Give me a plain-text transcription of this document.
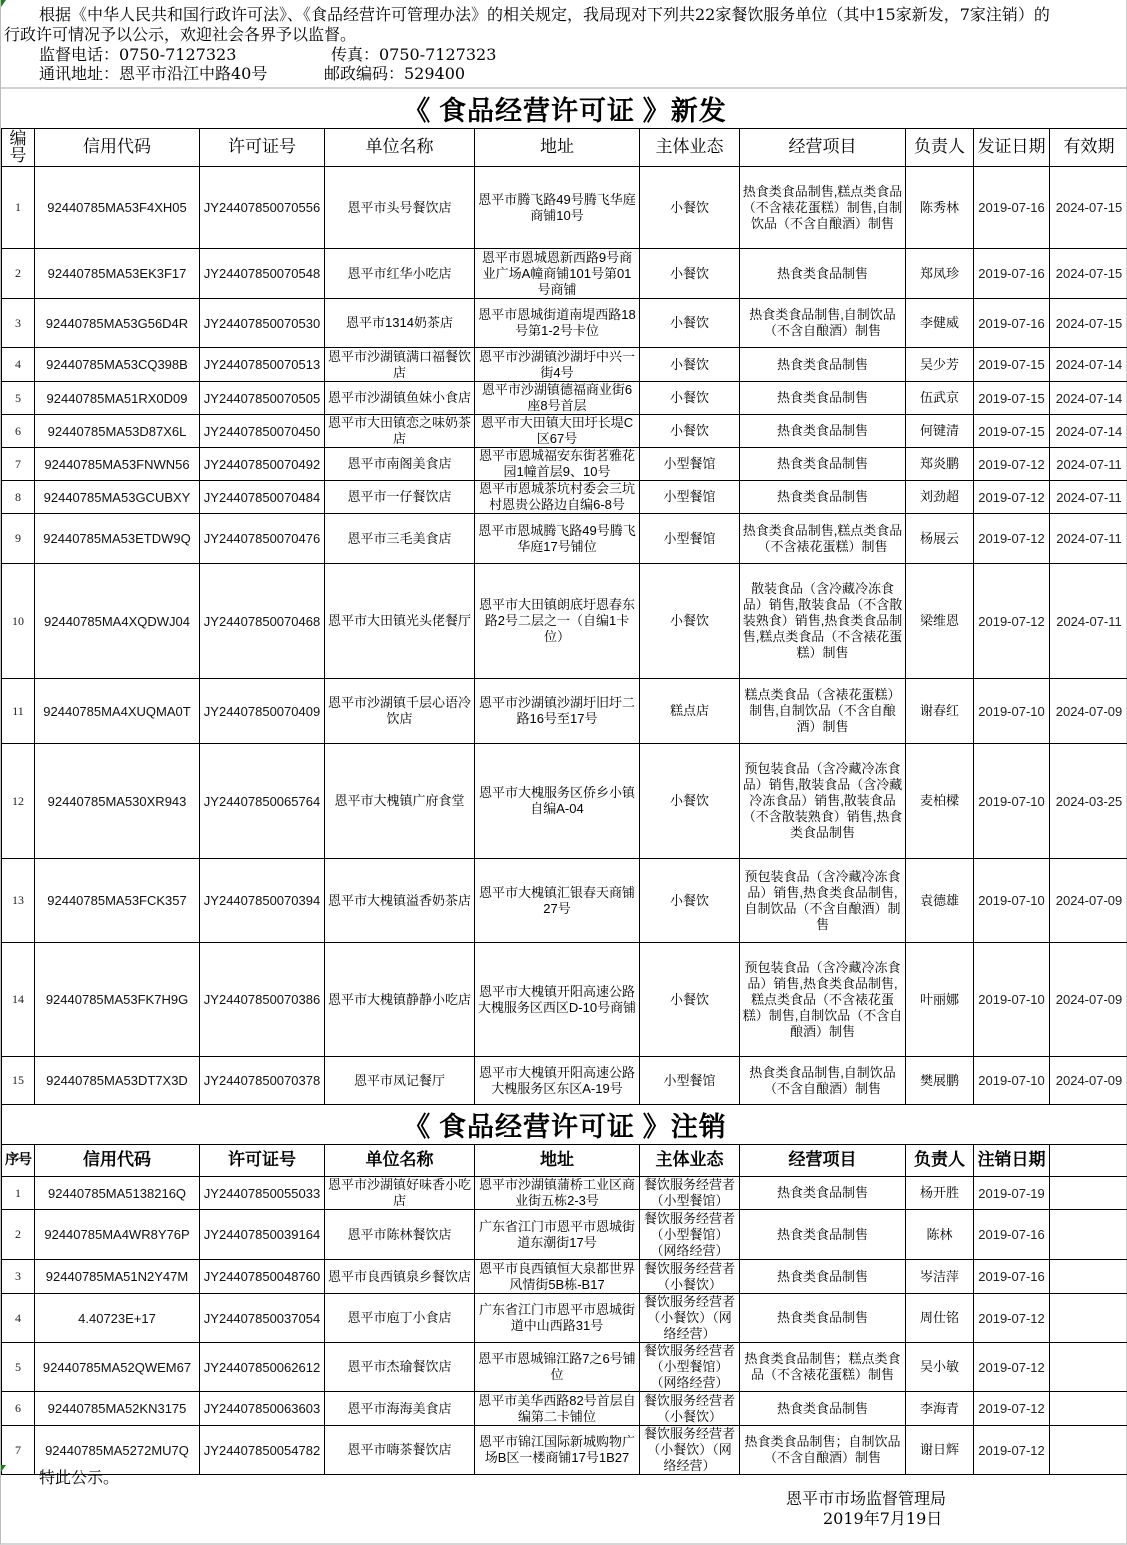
根据《中华人民共和国行政许可法》、《食品经营许可管理办法》的相关规定，我局现对下列共22家餐饮服务单位（其中15家新发，7家注销）的
行政许可情况予以公示，欢迎社会各界予以监督。
监督电话：0750-7127323	传真：0750-7127323
通讯地址：恩平市沿江中路40号	邮政编码：529400
《 食品经营许可证 》新发									
编号	信用代码	许可证号	单位名称	地址	主体业态	经营项目	负责人	发证日期	有效期
1	92440785MA53F4XH05	JY24407850070556	恩平市头号餐饮店	恩平市腾飞路49号腾飞华庭商铺10号	小餐饮	热食类食品制售,糕点类食品（不含裱花蛋糕）制售,自制饮品（不含自酿酒）制售	陈秀林	2019-07-16	2024-07-15
2	92440785MA53EK3F17	JY24407850070548	恩平市红华小吃店	恩平市恩城恩新西路9号商业广场A幢商铺101号第01号商铺	小餐饮	热食类食品制售	郑凤珍	2019-07-16	2024-07-15
3	92440785MA53G56D4R	JY24407850070530	恩平市1314奶茶店	恩平市恩城街道南堤西路18号第1-2号卡位	小餐饮	热食类食品制售,自制饮品（不含自酿酒）制售	李健威	2019-07-16	2024-07-15
4	92440785MA53CQ398B	JY24407850070513	恩平市沙湖镇满口福餐饮店	恩平市沙湖镇沙湖圩中兴一街4号	小餐饮	热食类食品制售	吴少芳	2019-07-15	2024-07-14
5	92440785MA51RX0D09	JY24407850070505	恩平市沙湖镇鱼妹小食店	恩平市沙湖镇德福商业街6座8号首层	小餐饮	热食类食品制售	伍武京	2019-07-15	2024-07-14
6	92440785MA53D87X6L	JY24407850070450	恩平市大田镇恋之味奶茶店	恩平市大田镇大田圩长堤C区67号	小餐饮	热食类食品制售	何键清	2019-07-15	2024-07-14
7	92440785MA53FNWN56	JY24407850070492	恩平市南阁美食店	恩平市恩城福安东街茗雅花园1幢首层9、10号	小型餐馆	热食类食品制售	郑炎鹏	2019-07-12	2024-07-11
8	92440785MA53GCUBXY	JY24407850070484	恩平市一仔餐饮店	恩平市恩城茶坑村委会三坑村恩贵公路边自编6-8号	小型餐馆	热食类食品制售	刘劲超	2019-07-12	2024-07-11
9	92440785MA53ETDW9Q	JY24407850070476	恩平市三毛美食店	恩平市恩城腾飞路49号腾飞华庭17号铺位	小型餐馆	热食类食品制售,糕点类食品（不含裱花蛋糕）制售	杨展云	2019-07-12	2024-07-11
10	92440785MA4XQDWJ04	JY24407850070468	恩平市大田镇光头佬餐厅	恩平市大田镇朗底圩恩春东路2号二层之一（自编1卡位）	小餐饮	散装食品（含冷藏冷冻食品）销售,散装食品（不含散装熟食）销售,热食类食品制售,糕点类食品（不含裱花蛋糕）制售	梁维恩	2019-07-12	2024-07-11
11	92440785MA4XUQMA0T	JY24407850070409	恩平市沙湖镇千层心语冷饮店	恩平市沙湖镇沙湖圩旧圩二路16号至17号	糕点店	糕点类食品（含裱花蛋糕）制售,自制饮品（不含自酿酒）制售	谢春红	2019-07-10	2024-07-09
12	92440785MA530XR943	JY24407850065764	恩平市大槐镇广府食堂	恩平市大槐服务区侨乡小镇自编A-04	小餐饮	预包装食品（含冷藏冷冻食品）销售,散装食品（含冷藏冷冻食品）销售,散装食品（不含散装熟食）销售,热食类食品制售	麦柏樑	2019-07-10	2024-03-25
13	92440785MA53FCK357	JY24407850070394	恩平市大槐镇溢香奶茶店	恩平市大槐镇汇银春天商铺27号	小餐饮	预包装食品（含冷藏冷冻食品）销售,热食类食品制售,自制饮品（不含自酿酒）制售	袁德雄	2019-07-10	2024-07-09
14	92440785MA53FK7H9G	JY24407850070386	恩平市大槐镇静静小吃店	恩平市大槐镇开阳高速公路大槐服务区西区D-10号商铺	小餐饮	预包装食品（含冷藏冷冻食品）销售,热食类食品制售,糕点类食品（不含裱花蛋糕）制售,自制饮品（不含自酿酒）制售	叶丽娜	2019-07-10	2024-07-09
15	92440785MA53DT7X3D	JY24407850070378	恩平市凤记餐厅	恩平市大槐镇开阳高速公路大槐服务区东区A-19号	小型餐馆	热食类食品制售,自制饮品（不含自酿酒）制售	樊展鹏	2019-07-10	2024-07-09
《 食品经营许可证 》注销									
序号	信用代码	许可证号	单位名称	地址	主体业态	经营项目	负责人	注销日期	
1	92440785MA5138216Q	JY24407850055033	恩平市沙湖镇好味香小吃店	恩平市沙湖镇蒲桥工业区商业街五栋2-3号	餐饮服务经营者（小型餐馆）	热食类食品制售	杨开胜	2019-07-19	
2	92440785MA4WR8Y76P	JY24407850039164	恩平市陈林餐饮店	广东省江门市恩平市恩城街道东潮街17号	餐饮服务经营者（小型餐馆）（网络经营）	热食类食品制售	陈林	2019-07-16	
3	92440785MA51N2Y47M	JY24407850048760	恩平市良西镇泉乡餐饮店	恩平市良西镇恒大泉都世界风情街5B栋-B17	餐饮服务经营者（小餐饮）	热食类食品制售	岑洁萍	2019-07-16	
4	4.40723E+17	JY24407850037054	恩平市庖丁小食店	广东省江门市恩平市恩城街道中山西路31号	餐饮服务经营者（小餐饮）（网络经营）	热食类食品制售	周仕铭	2019-07-12	
5	92440785MA52QWEM67	JY24407850062612	恩平市杰瑜餐饮店	恩平市恩城锦江路7之6号铺位	餐饮服务经营者（小型餐馆）（网络经营）	热食类食品制售；糕点类食品（不含裱花蛋糕）制售	吴小敏	2019-07-12	
6	92440785MA52KN3175	JY24407850063603	恩平市海海美食店	恩平市美华西路82号首层自编第二卡铺位	餐饮服务经营者（小餐饮）	热食类食品制售	李海青	2019-07-12	
7	92440785MA5272MU7Q	JY24407850054782	恩平市嗨茶餐饮店	恩平市锦江国际新城购物广场B区一楼商铺17号1B27	餐饮服务经营者（小餐饮）（网络经营）	热食类食品制售；自制饮品（不含自酿酒）制售	谢日辉	2019-07-12	
特此公示。
恩平市市场监督管理局
2019年7月19日
